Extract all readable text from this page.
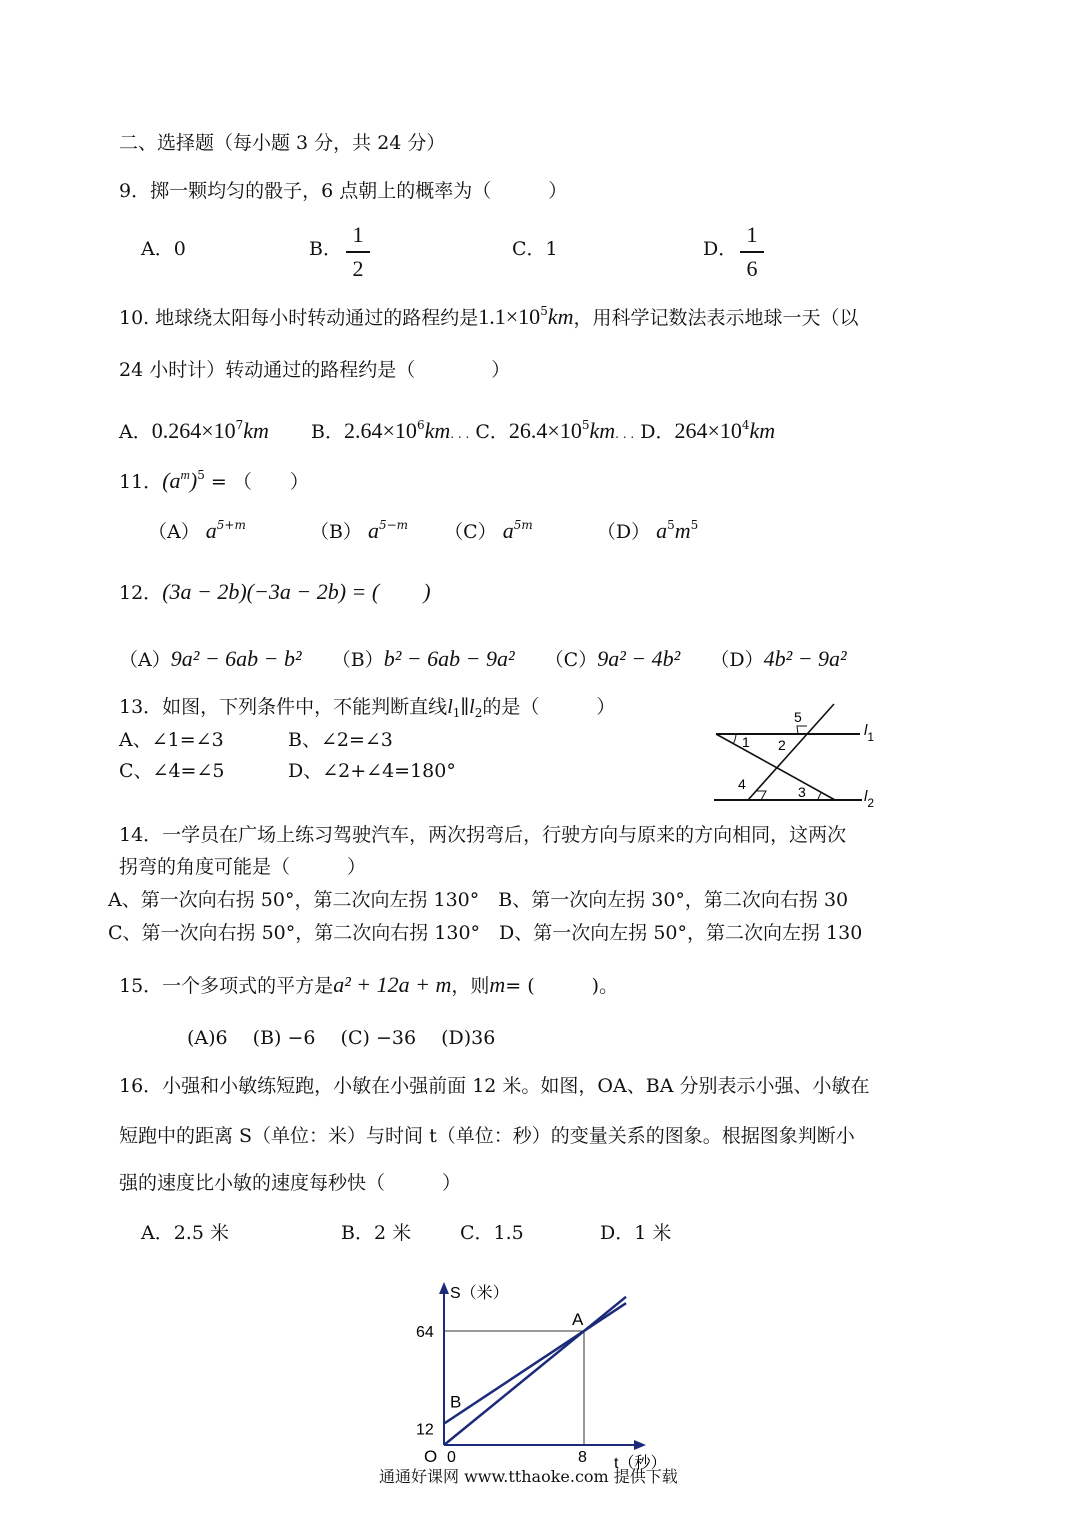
二、选择题（每小题 3 分，共 24 分）
9．掷一颗均匀的骰子，6 点朝上的概率为（　　　）
A．0	B．
1
2
C．1	D．
1
6
10. 地球绕太阳每小时转动通过的路程约是$1.1\times 10^5km$，用科学记数法表示地球一天（以
24 小时计）转动通过的路程约是（　　　　）
A．$0.264\times 10^7km$ B．$2.64\times 10^6km$. . . C．$26.4\times 10^5km$. . . D．$264\times 10^4km$
11．$(a^m)^5$ = （　　）
（A） $a^{5+m}$	（B） $a^{5-m}$ （C） $a^{5m}$	（D） $a^5m^5$
12．(3a − 2b)(−3a − 2b) = (　　)
（A）9a² − 6ab − b² （B）b² − 6ab − 9a² （C）9a² − 4b² （D）4b² − 9a²
13．如图，下列条件中，不能判断直线$l_1\parallel l_2$的是（　　　）
A、∠1=∠3	B、∠2=∠3
C、∠4=∠5	D、∠2+∠4=180°
1 2
3
4
5
$l_1$
$l_2$
14．一学员在广场上练习驾驶汽车，两次拐弯后，行驶方向与原来的方向相同，这两次
拐弯的角度可能是（　　　）
A、第一次向右拐 50°，第二次向左拐 130°　B、第一次向左拐 30°，第二次向右拐 30
C、第一次向右拐 50°，第二次向右拐 130°　D、第一次向左拐 50°，第二次向左拐 130
15．一个多项式的平方是a² + 12a + m，则m= (　　　)。
(A)6　 (B) −6　 (C) −36　 (D)36
16．小强和小敏练短跑，小敏在小强前面 12 米。如图，OA、BA 分别表示小强、小敏在
短跑中的距离 S（单位：米）与时间 t（单位：秒）的变量关系的图象。根据图象判断小
强的速度比小敏的速度每秒快（　　　）
A．2.5 米	B．2 米	C．1.5	D．1 米
S（米）
t（秒）
O 0	8
12
64
A
B
通通好课网 www.tthaoke.com 提供下载
